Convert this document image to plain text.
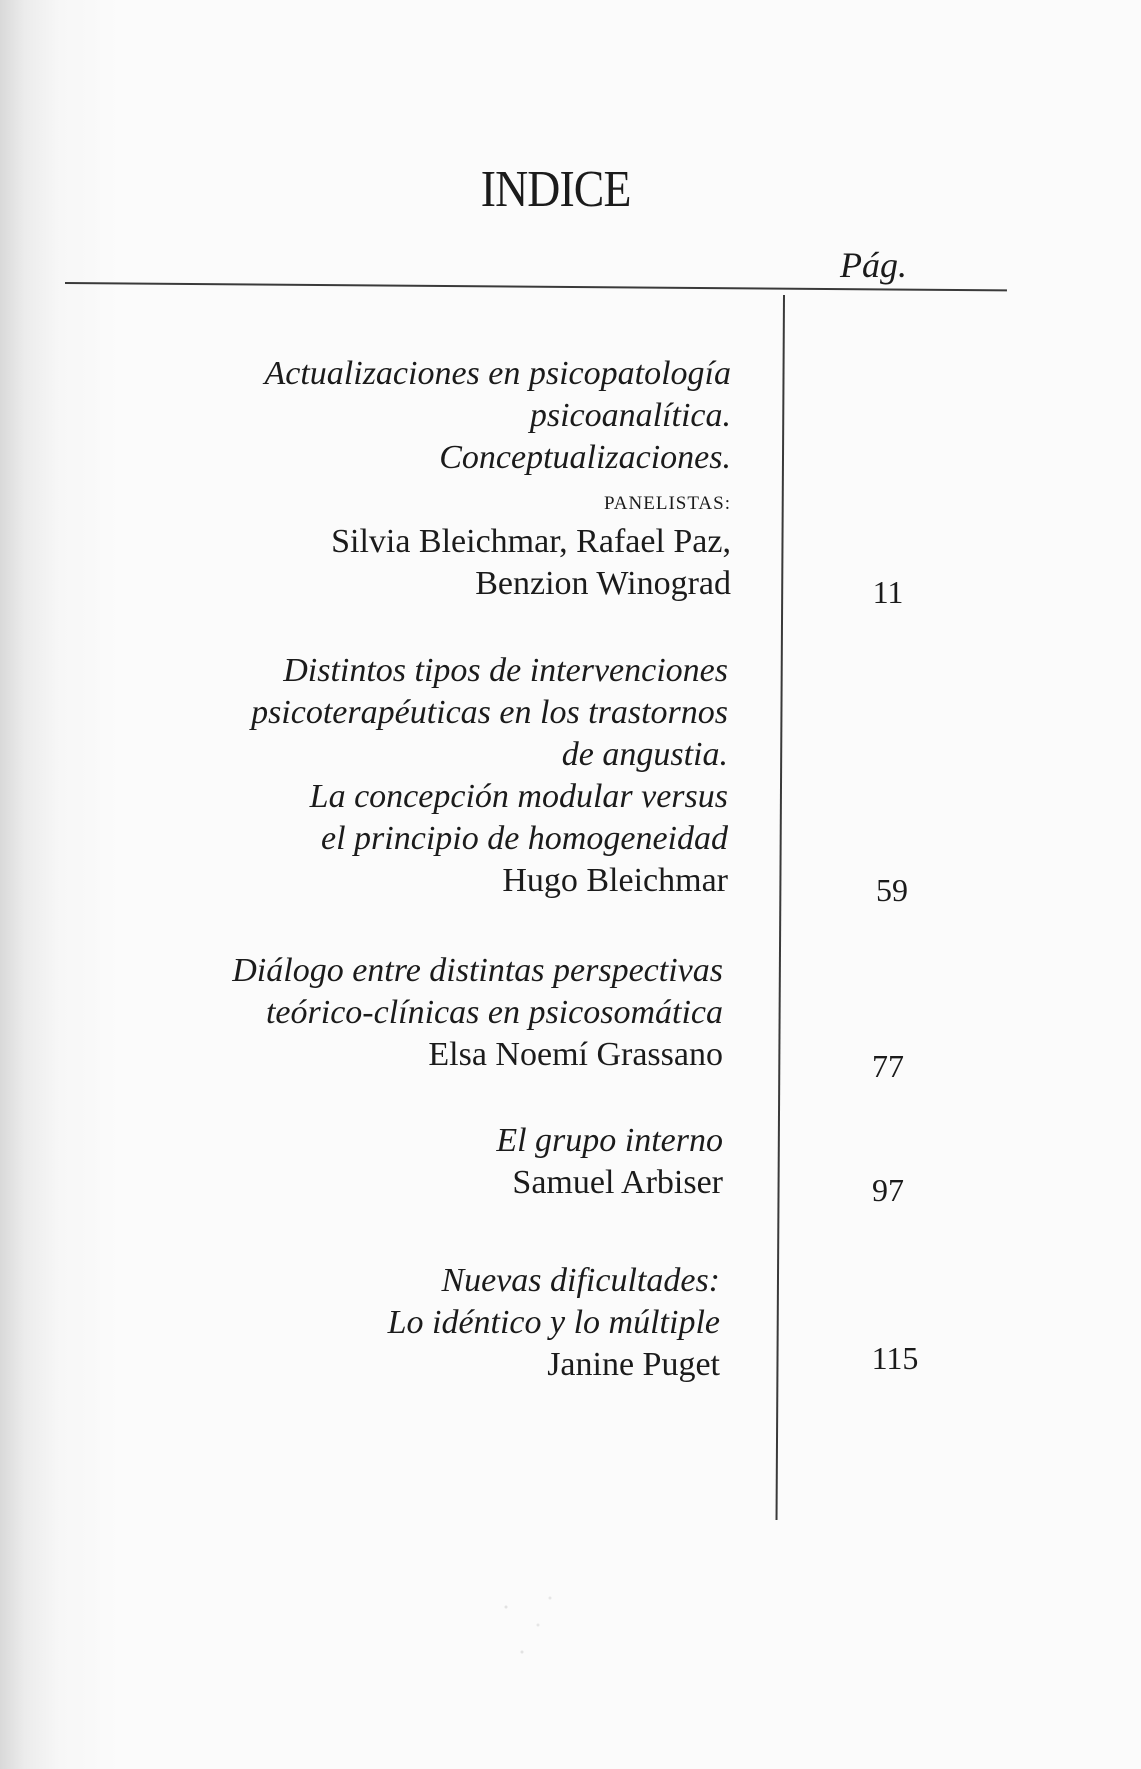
INDICE
Pág.
Actualizaciones en psicopatología
psicoanalítica.
Conceptualizaciones.
PANELISTAS:
Silvia Bleichmar, Rafael Paz,
Benzion Winograd	11
Distintos tipos de intervenciones
psicoterapéuticas en los trastornos
de angustia.
La concepción modular versus
el principio de homogeneidad
Hugo Bleichmar	59
Diálogo entre distintas perspectivas
teórico-clínicas en psicosomática
Elsa Noemí Grassano	77
El grupo interno
Samuel Arbiser	97
Nuevas dificultades:
Lo idéntico y lo múltiple
Janine Puget	115
